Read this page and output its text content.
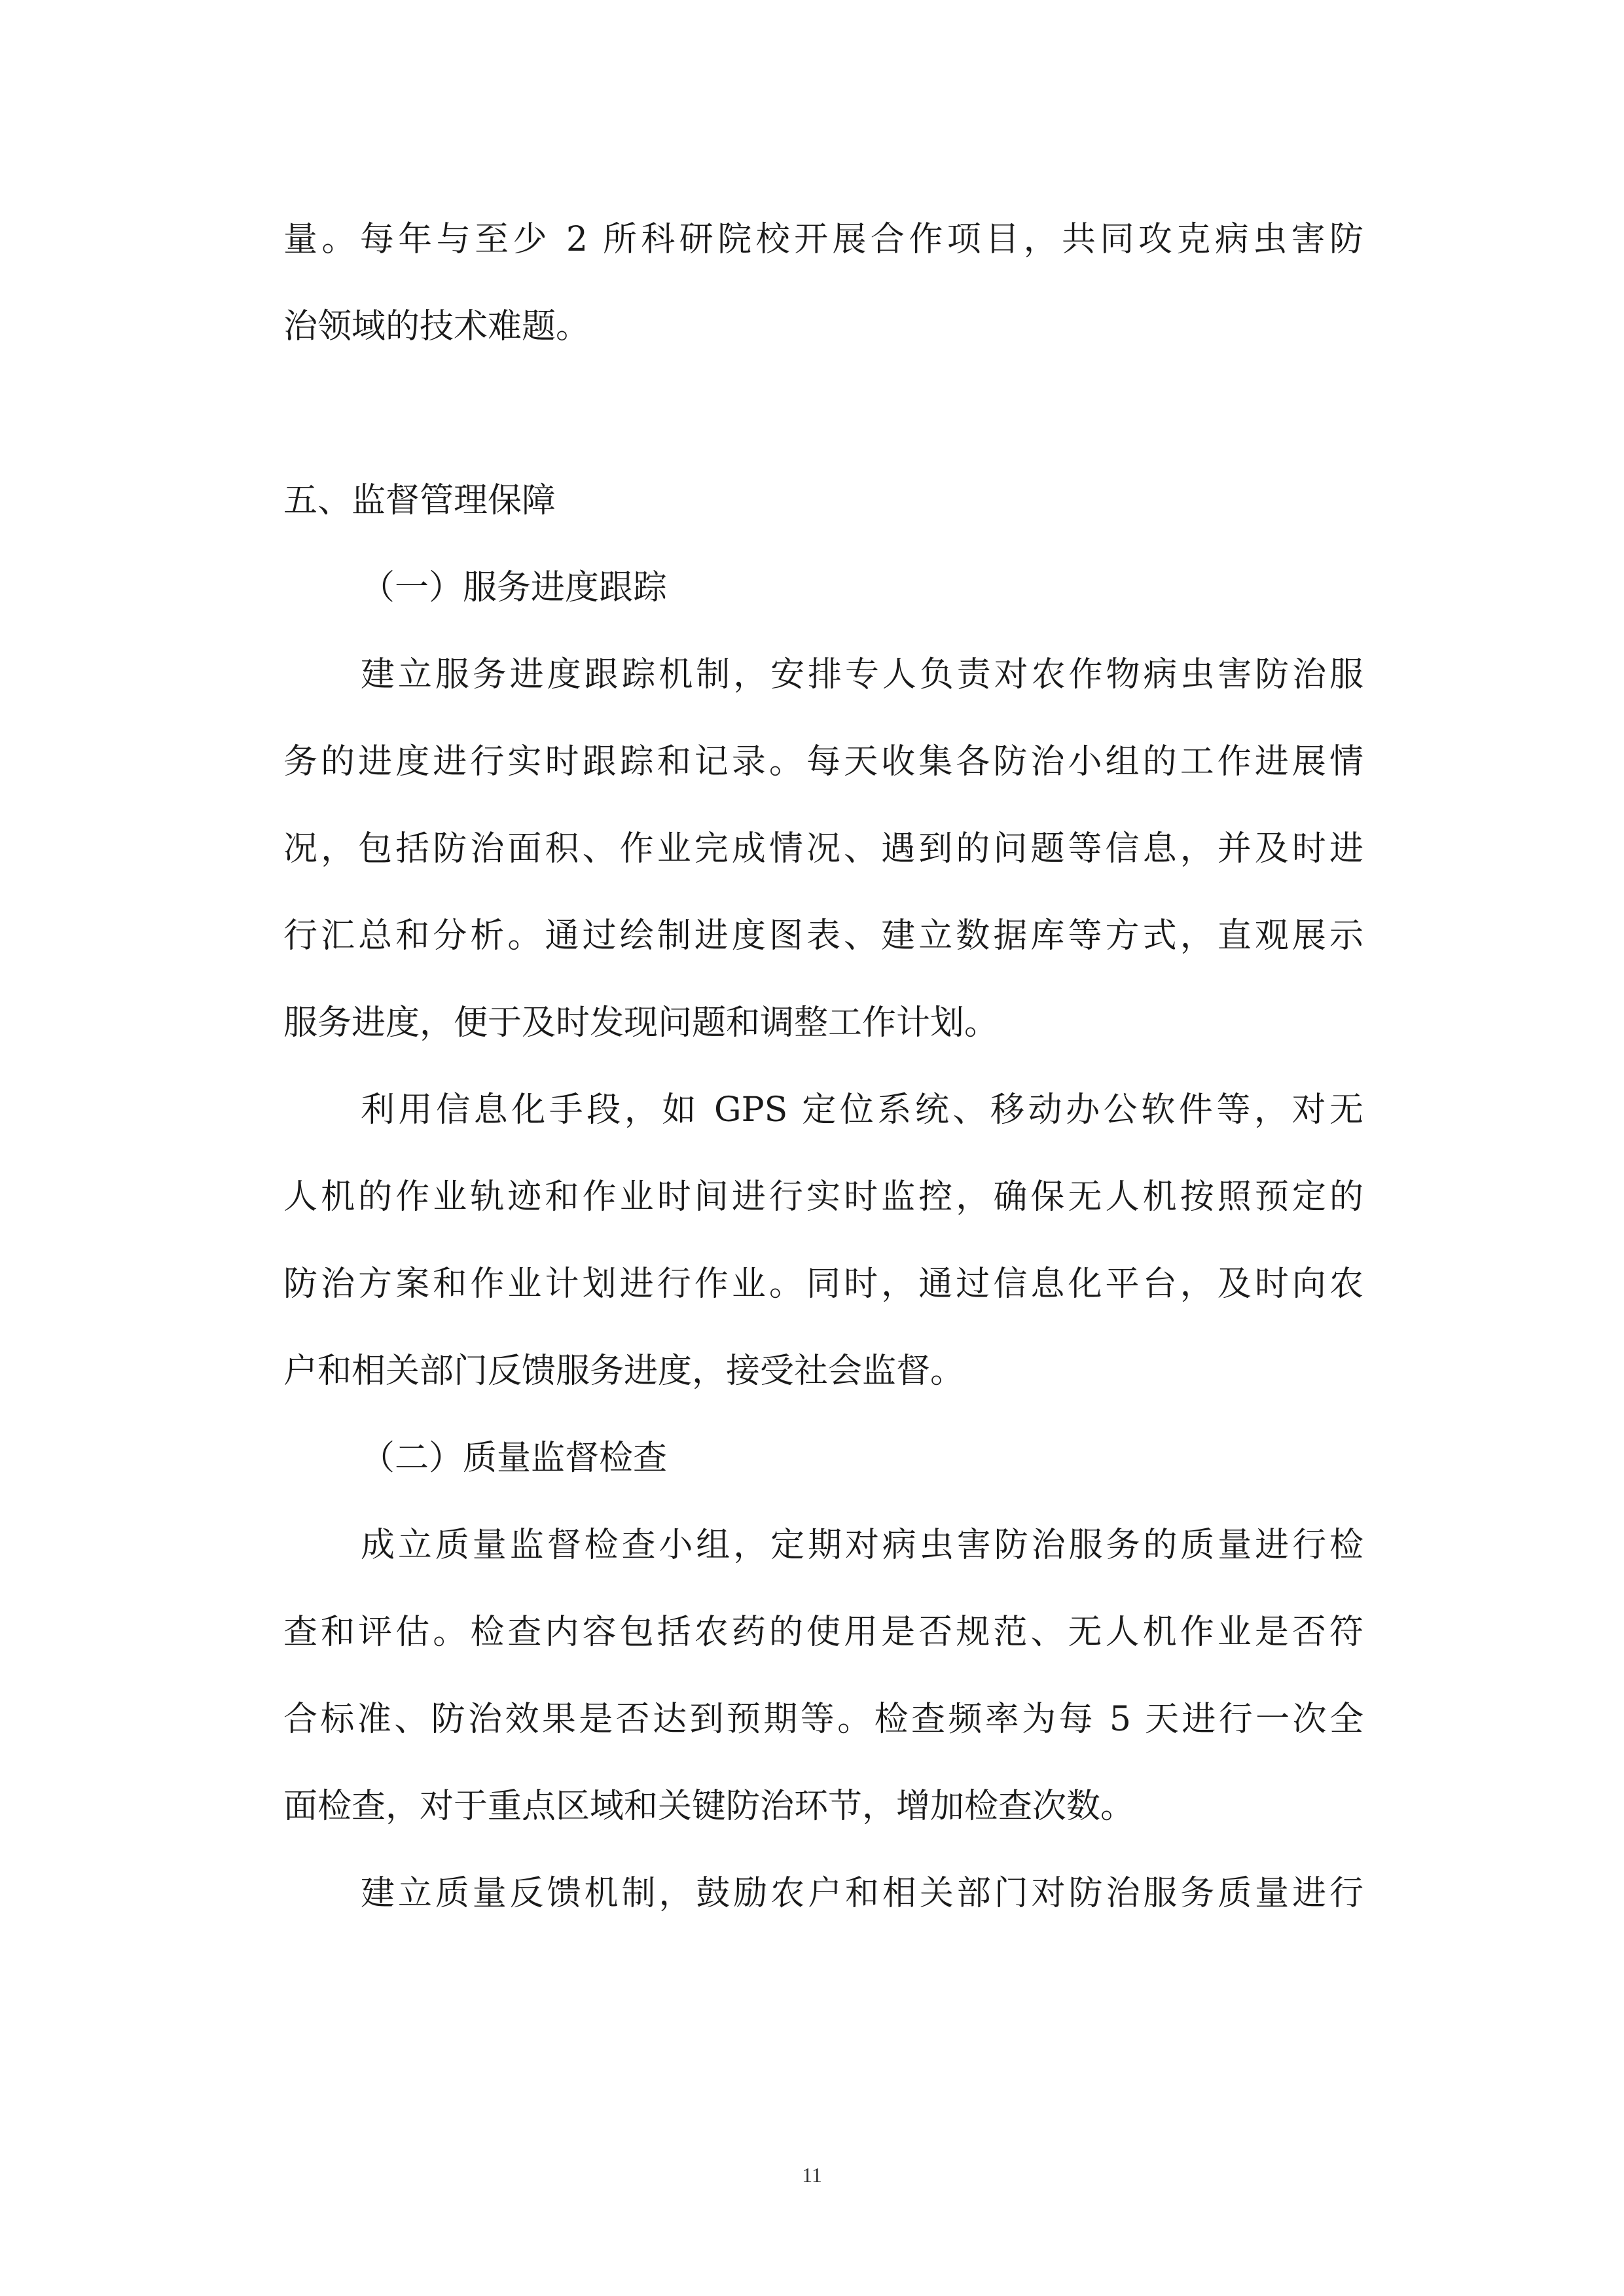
量。每年与至少 2 所科研院校开展合作项目，共同攻克病虫害防
治领域的技术难题。
五、监督管理保障
（一）服务进度跟踪
建立服务进度跟踪机制，安排专人负责对农作物病虫害防治服
务的进度进行实时跟踪和记录。每天收集各防治小组的工作进展情
况，包括防治面积、作业完成情况、遇到的问题等信息，并及时进
行汇总和分析。通过绘制进度图表、建立数据库等方式，直观展示
服务进度，便于及时发现问题和调整工作计划。
利用信息化手段，如 GPS 定位系统、移动办公软件等，对无
人机的作业轨迹和作业时间进行实时监控，确保无人机按照预定的
防治方案和作业计划进行作业。同时，通过信息化平台，及时向农
户和相关部门反馈服务进度，接受社会监督。
（二）质量监督检查
成立质量监督检查小组，定期对病虫害防治服务的质量进行检
查和评估。检查内容包括农药的使用是否规范、无人机作业是否符
合标准、防治效果是否达到预期等。检查频率为每 5 天进行一次全
面检查，对于重点区域和关键防治环节，增加检查次数。
建立质量反馈机制，鼓励农户和相关部门对防治服务质量进行
11
